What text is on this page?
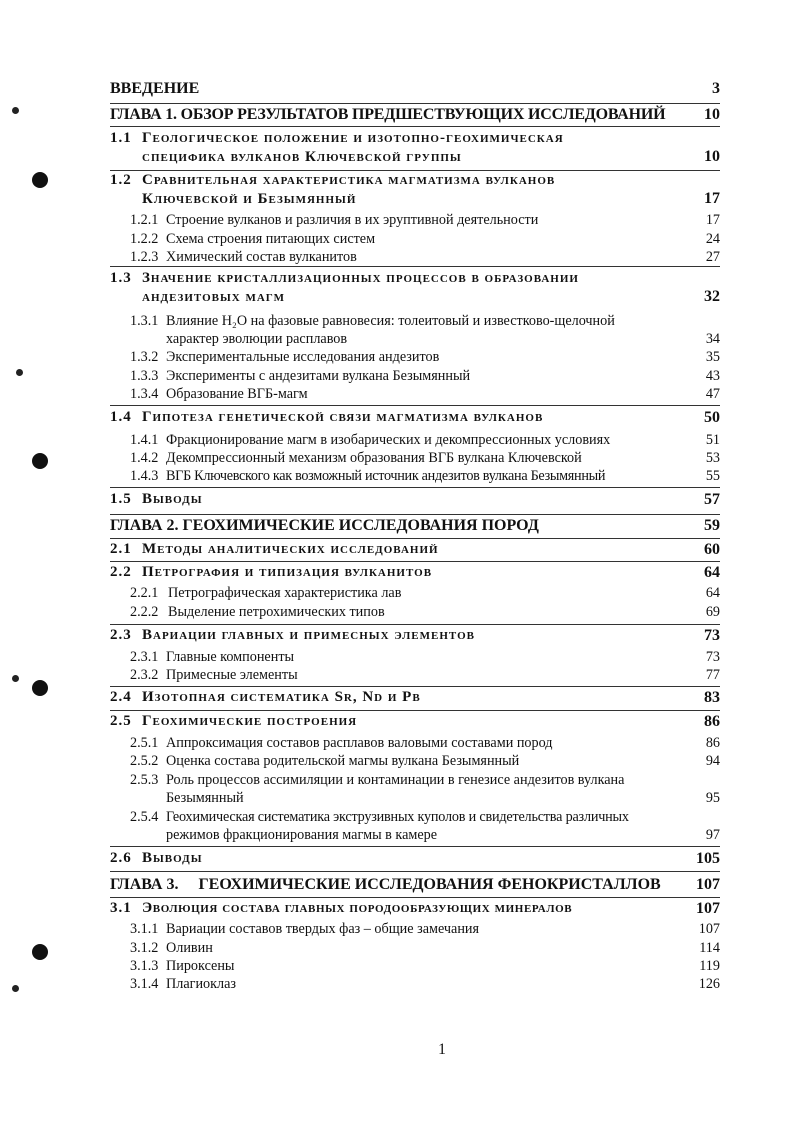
ВВЕДЕНИЕ	3
ГЛАВА 1. ОБЗОР РЕЗУЛЬТАТОВ ПРЕДШЕСТВУЮЩИХ ИССЛЕДОВАНИЙ 10
1.1 Геологическое положение и изотопно-геохимическая
специфика вулканов Ключевской группы	10
1.2 Сравнительная характеристика магматизма вулканов
Ключевской и Безымянный	17
1.2.1 Строение вулканов и различия в их эруптивной деятельности	17
1.2.2 Схема строения питающих систем	24
1.2.3 Химический состав вулканитов	27
1.3 Значение кристаллизационных процессов в образовании
андезитовых магм	32
1.3.1 Влияние H₂O на фазовые равновесия: толеитовый и известково-щелочной
характер эволюции расплавов	34
1.3.2 Экспериментальные исследования андезитов	35
1.3.3 Эксперименты с андезитами вулкана Безымянный	43
1.3.4 Образование ВГБ-магм	47
1.4 Гипотеза генетической связи магматизма вулканов	50
1.4.1 Фракционирование магм в изобарических и декомпрессионных условиях	51
1.4.2 Декомпрессионный механизм образования ВГБ вулкана Ключевской	53
1.4.3 ВГБ Ключевского как возможный источник андезитов вулкана Безымянный	55
1.5 Выводы	57
ГЛАВА 2. ГЕОХИМИЧЕСКИЕ ИССЛЕДОВАНИЯ ПОРОД	59
2.1 Методы аналитических исследований	60
2.2 Петрография и типизация вулканитов	64
2.2.1 Петрографическая характеристика лав	64
2.2.2 Выделение петрохимических типов	69
2.3 Вариации главных и примесных элементов	73
2.3.1 Главные компоненты	73
2.3.2 Примесные элементы	77
2.4 Изотопная систематика Sr, Nd и Pb	83
2.5 Геохимические построения	86
2.5.1 Аппроксимация составов расплавов валовыми составами пород	86
2.5.2 Оценка состава родительской магмы вулкана Безымянный	94
2.5.3 Роль процессов ассимиляции и контаминации в генезисе андезитов вулкана
Безымянный	95
2.5.4 Геохимическая систематика экструзивных куполов и свидетельства различных
режимов фракционирования магмы в камере	97
2.6 Выводы	105
ГЛАВА 3.     ГЕОХИМИЧЕСКИЕ ИССЛЕДОВАНИЯ ФЕНОКРИСТАЛЛОВ 107
3.1 Эволюция состава главных породообразующих минералов	107
3.1.1 Вариации составов твердых фаз – общие замечания	107
3.1.2 Оливин	114
3.1.3 Пироксены	119
3.1.4 Плагиоклаз	126
1
